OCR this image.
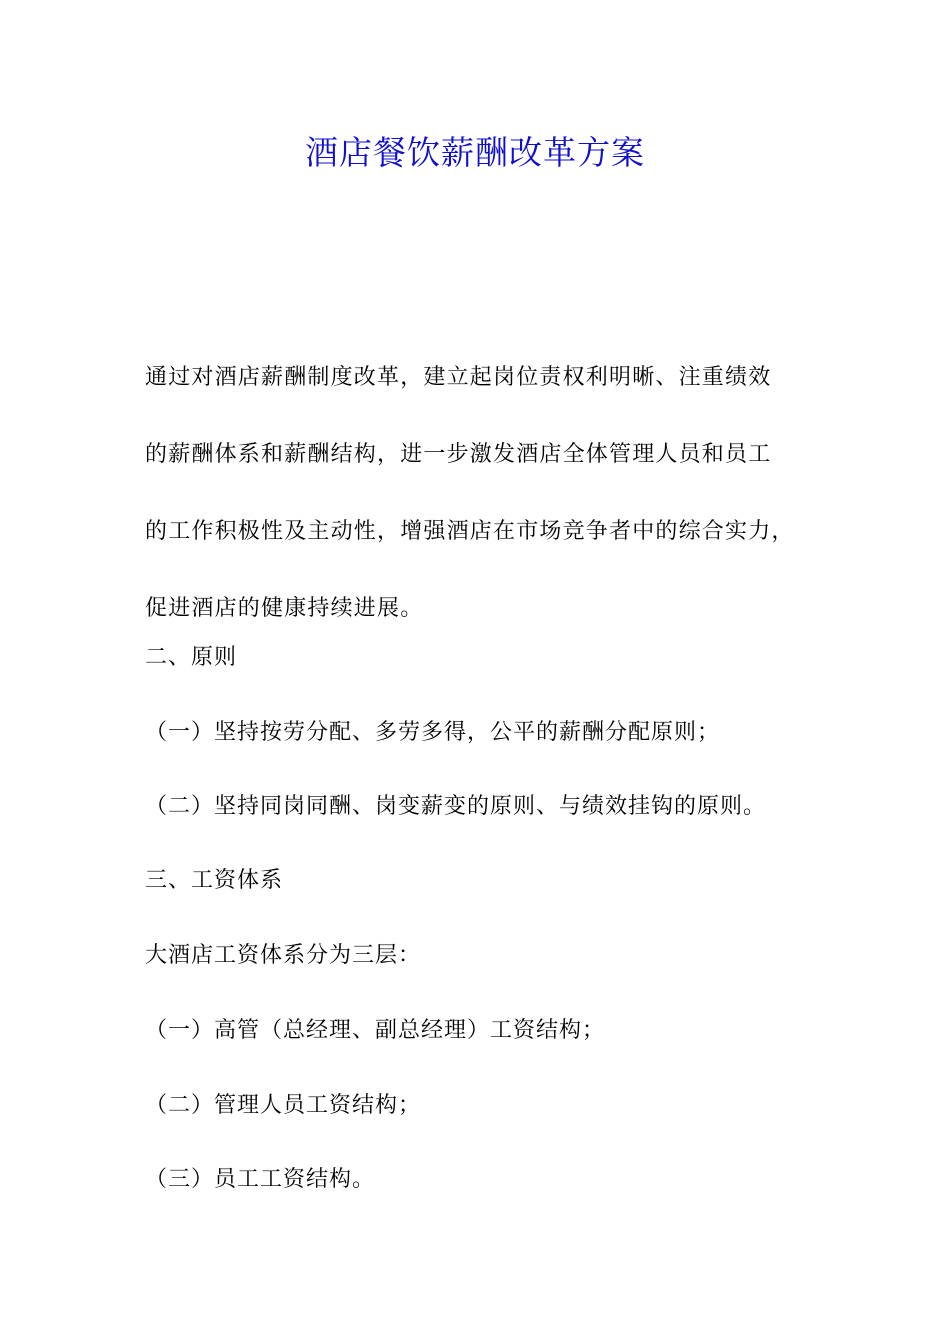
酒店餐饮薪酬改革方案
通过对酒店薪酬制度改革，建立起岗位责权利明晰、注重绩效
的薪酬体系和薪酬结构，进一步激发酒店全体管理人员和员工
的工作积极性及主动性，增强酒店在市场竞争者中的综合实力，
促进酒店的健康持续进展。
二、原则
（一）坚持按劳分配、多劳多得，公平的薪酬分配原则；
（二）坚持同岗同酬、岗变薪变的原则、与绩效挂钩的原则。
三、工资体系
大酒店工资体系分为三层：
（一）高管（总经理、副总经理）工资结构；
（二）管理人员工资结构；
（三）员工工资结构。
